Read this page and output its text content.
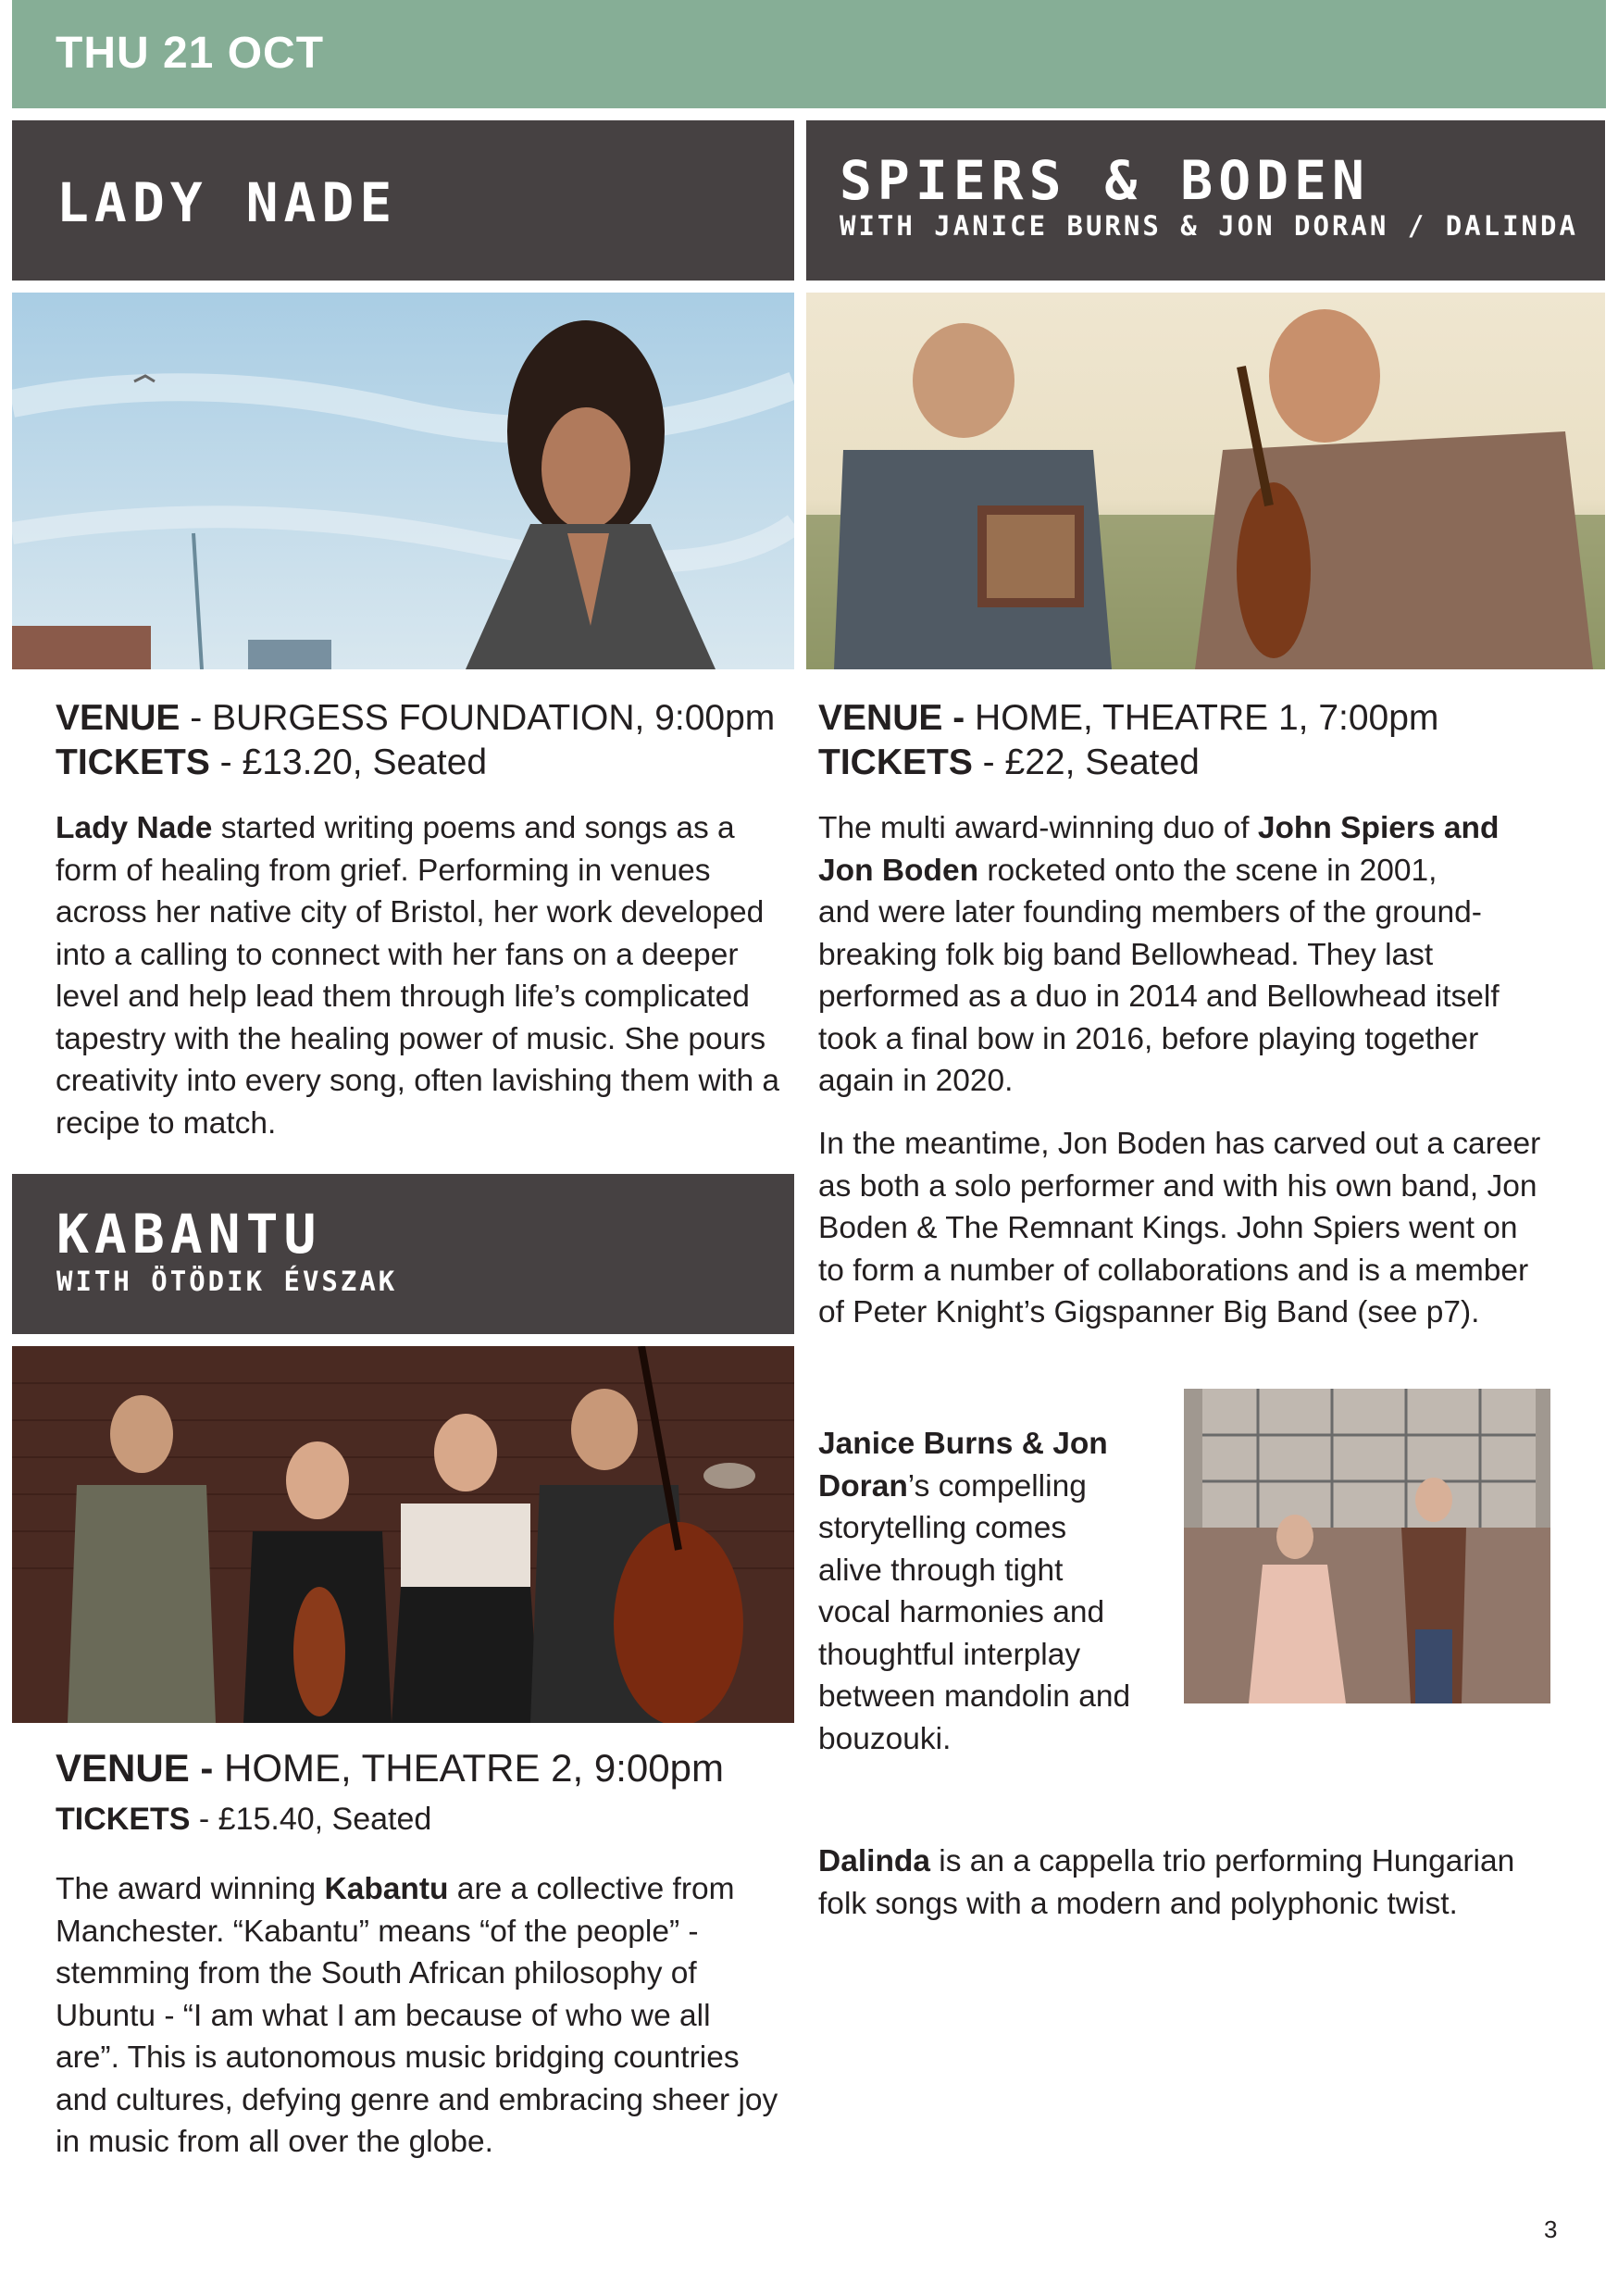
THU 21 OCT
LADY NADE	SPIERS & BODEN
WITH JANICE BURNS & JON DORAN / DALINDA
VENUE - BURGESS FOUNDATION, 9:00pm
TICKETS - £13.20, Seated

Lady Nade started writing poems and songs as a
form of healing from grief. Performing in venues
across her native city of Bristol, her work developed
into a calling to connect with her fans on a deeper
level and help lead them through life’s complicated
tapestry with the healing power of music. She pours
creativity into every song, often lavishing them with a
recipe to match.

VENUE - HOME, THEATRE 1, 7:00pm
TICKETS - £22, Seated

The multi award-winning duo of John Spiers and
Jon Boden rocketed onto the scene in 2001,
and were later founding members of the ground-
breaking folk big band Bellowhead. They last
performed as a duo in 2014 and Bellowhead itself
took a final bow in 2016, before playing together
again in 2020.

In the meantime, Jon Boden has carved out a career
as both a solo performer and with his own band, Jon
Boden & The Remnant Kings. John Spiers went on
to form a number of collaborations and is a member
of Peter Knight’s Gigspanner Big Band (see p7).

KABANTU
WITH ÖTÖDIK ÉVSZAK
VENUE - HOME, THEATRE 2, 9:00pm
TICKETS - £15.40, Seated

The award winning Kabantu are a collective from
Manchester. “Kabantu” means “of the people” -
stemming from the South African philosophy of
Ubuntu - “I am what I am because of who we all
are”. This is autonomous music bridging countries
and cultures, defying genre and embracing sheer joy
in music from all over the globe.

Janice Burns & Jon
Doran’s compelling
storytelling comes
alive through tight
vocal harmonies and
thoughtful interplay
between mandolin and
bouzouki.

Dalinda is an a cappella trio performing Hungarian
folk songs with a modern and polyphonic twist.

3
